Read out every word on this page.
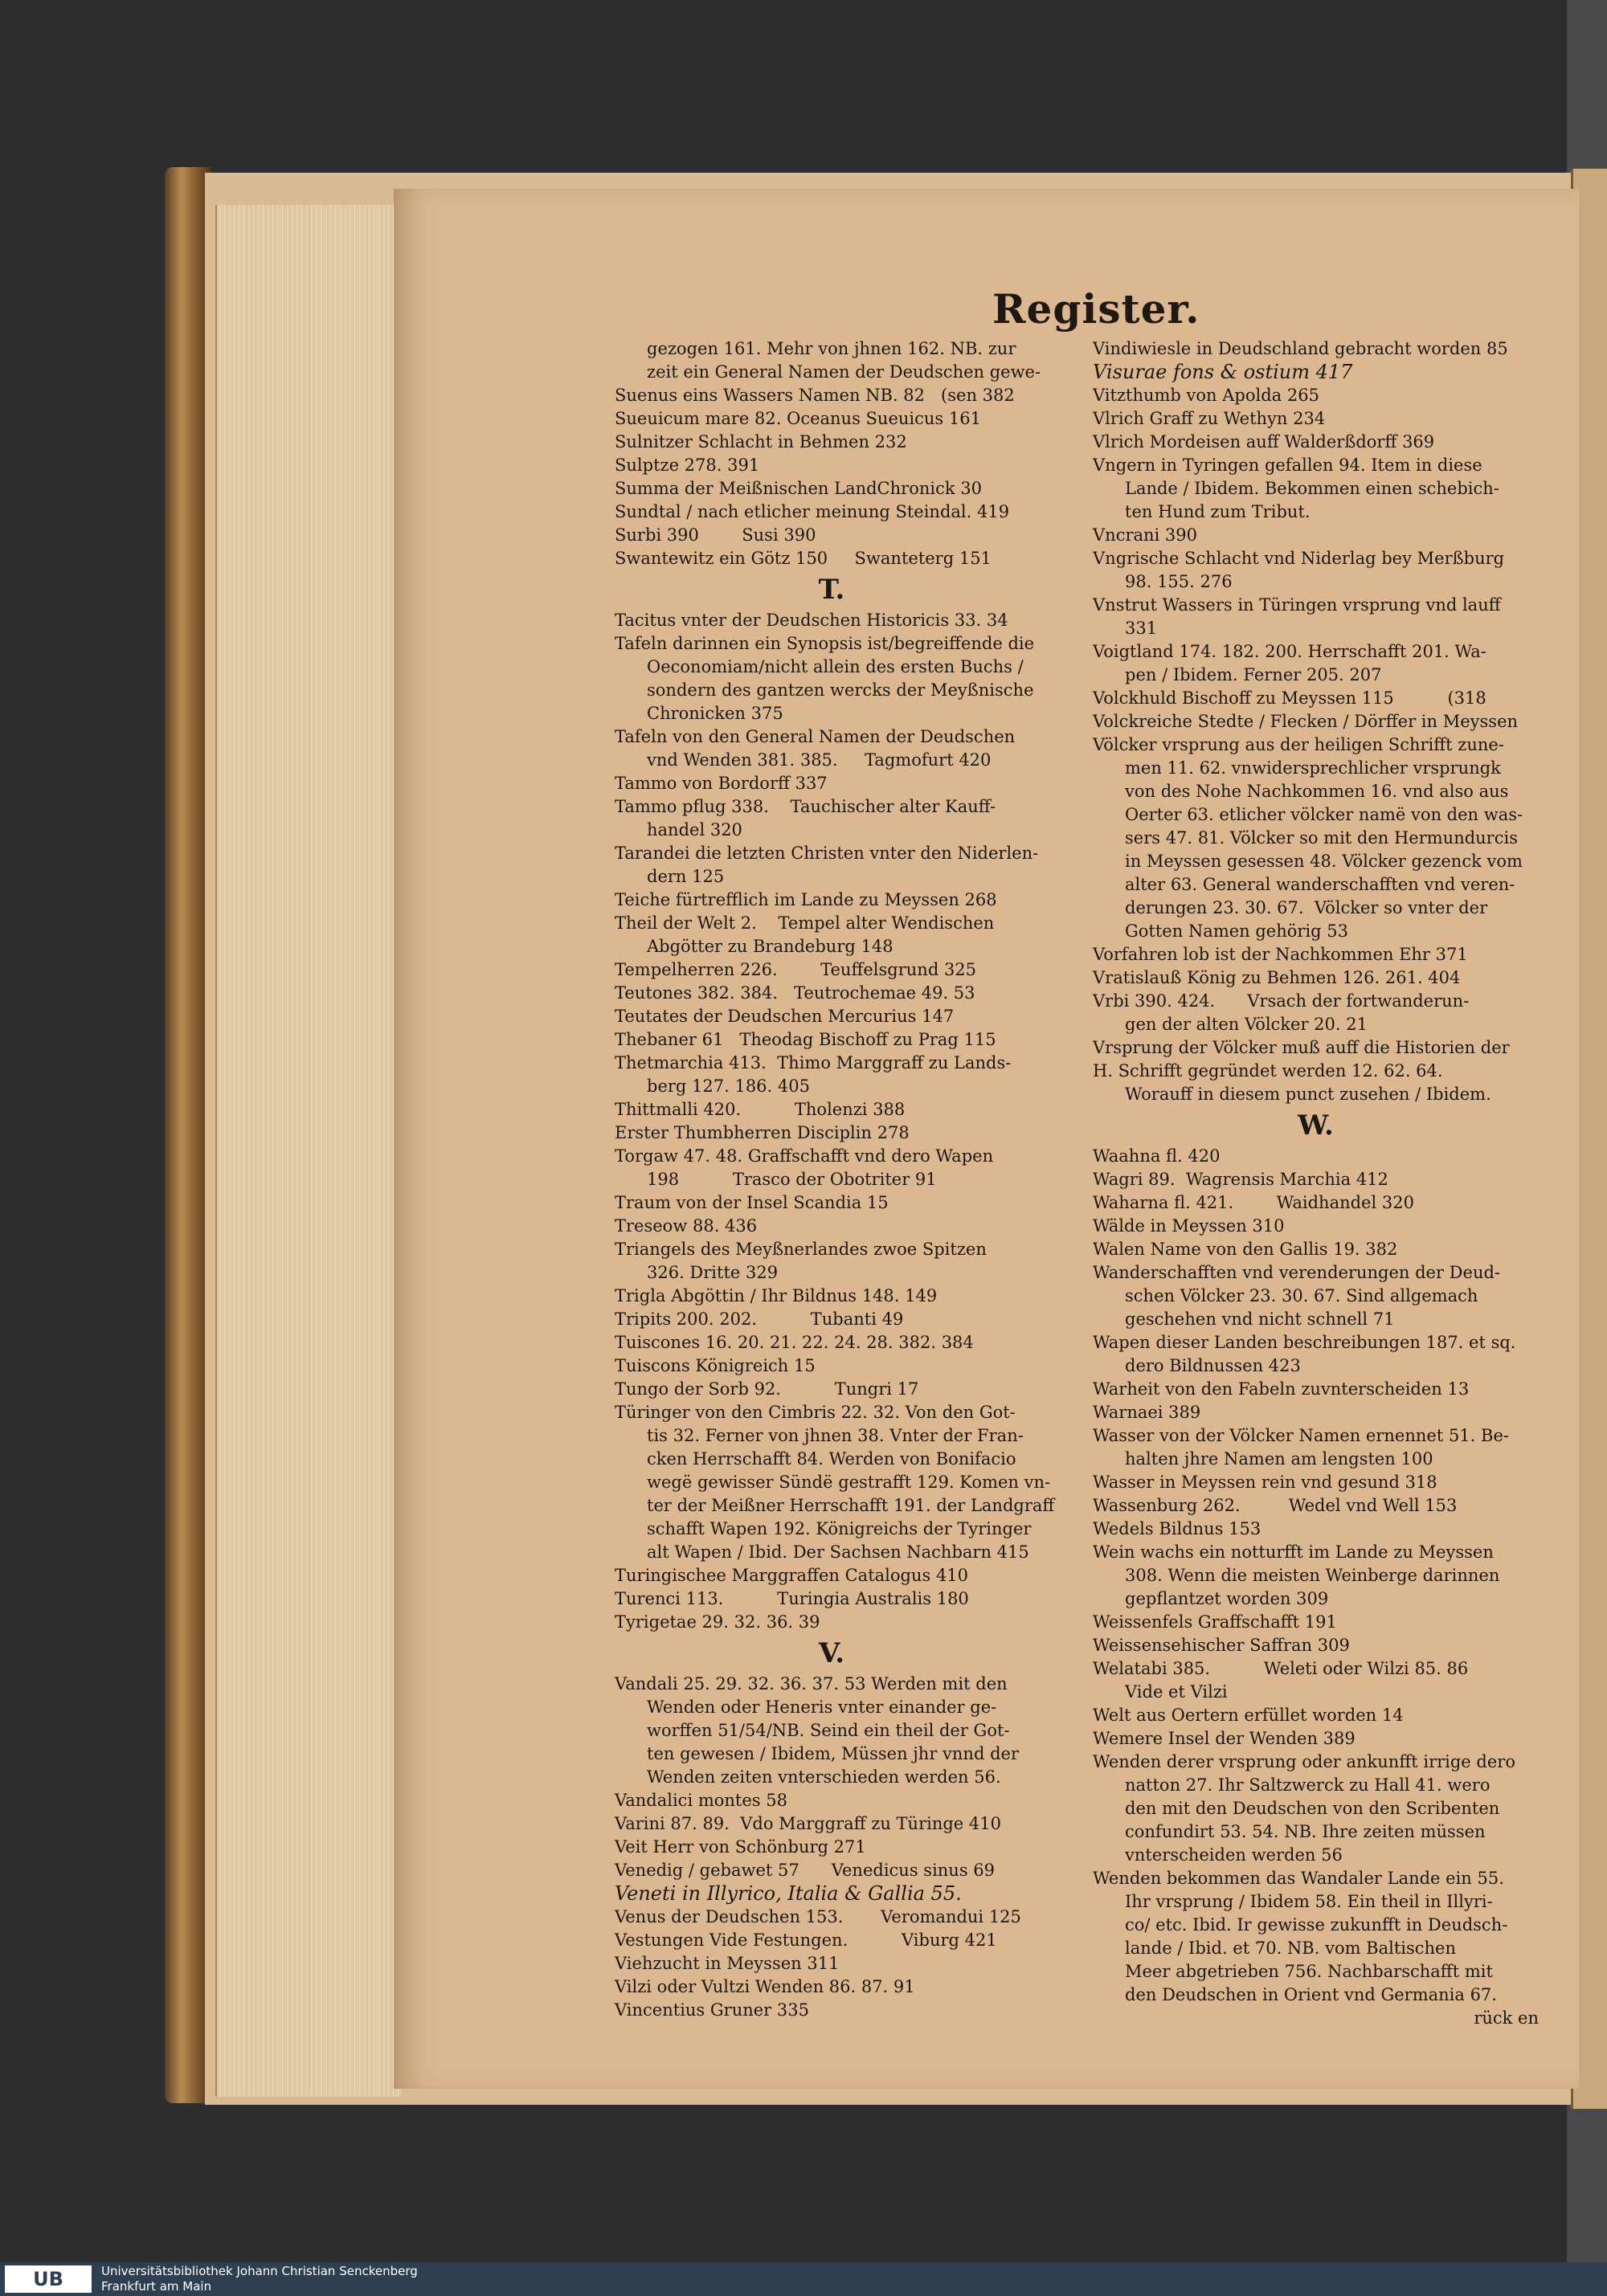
Register.
gezogen 161. Mehr von jhnen 162. NB. zur
zeit ein General Namen der Deudschen gewe-
Suenus eins Wassers Namen NB. 82   (sen 382
Sueuicum mare 82. Oceanus Sueuicus 161
Sulnitzer Schlacht in Behmen 232
Sulptze 278. 391
Summa der Meißnischen LandChronick 30
Sundtal / nach etlicher meinung Steindal. 419
Surbi 390        Susi 390
Swantewitz ein Götz 150     Swanteterg 151
T.
Tacitus vnter der Deudschen Historicis 33. 34
Tafeln darinnen ein Synopsis ist/begreiffende die
Oeconomiam/nicht allein des ersten Buchs /
sondern des gantzen wercks der Meyßnische
Chronicken 375
Tafeln von den General Namen der Deudschen
vnd Wenden 381. 385.     Tagmofurt 420
Tammo von Bordorff 337
Tammo pflug 338.    Tauchischer alter Kauff-
handel 320
Tarandei die letzten Christen vnter den Niderlen-
dern 125
Teiche fürtrefflich im Lande zu Meyssen 268
Theil der Welt 2.    Tempel alter Wendischen
Abgötter zu Brandeburg 148
Tempelherren 226.        Teuffelsgrund 325
Teutones 382. 384.   Teutrochemae 49. 53
Teutates der Deudschen Mercurius 147
Thebaner 61   Theodag Bischoff zu Prag 115
Thetmarchia 413.  Thimo Marggraff zu Lands-
berg 127. 186. 405
Thittmalli 420.          Tholenzi 388
Erster Thumbherren Disciplin 278
Torgaw 47. 48. Graffschafft vnd dero Wapen
198          Trasco der Obotriter 91
Traum von der Insel Scandia 15
Treseow 88. 436
Triangels des Meyßnerlandes zwoe Spitzen
326. Dritte 329
Trigla Abgöttin / Ihr Bildnus 148. 149
Tripits 200. 202.          Tubanti 49
Tuiscones 16. 20. 21. 22. 24. 28. 382. 384
Tuiscons Königreich 15
Tungo der Sorb 92.          Tungri 17
Türinger von den Cimbris 22. 32. Von den Got-
tis 32. Ferner von jhnen 38. Vnter der Fran-
cken Herrschafft 84. Werden von Bonifacio
wegë gewisser Sündë gestrafft 129. Komen vn-
ter der Meißner Herrschafft 191. der Landgraff
schafft Wapen 192. Königreichs der Tyringer
alt Wapen / Ibid. Der Sachsen Nachbarn 415
Turingischee Marggraffen Catalogus 410
Turenci 113.          Turingia Australis 180
Tyrigetae 29. 32. 36. 39
V.
Vandali 25. 29. 32. 36. 37. 53 Werden mit den
Wenden oder Heneris vnter einander ge-
worffen 51/54/NB. Seind ein theil der Got-
ten gewesen / Ibidem, Müssen jhr vnnd der
Wenden zeiten vnterschieden werden 56.
Vandalici montes 58
Varini 87. 89.  Vdo Marggraff zu Türinge 410
Veit Herr von Schönburg 271
Venedig / gebawet 57      Venedicus sinus 69
Veneti in Illyrico, Italia & Gallia 55.
Venus der Deudschen 153.       Veromandui 125
Vestungen Vide Festungen.          Viburg 421
Viehzucht in Meyssen 311
Vilzi oder Vultzi Wenden 86. 87. 91
Vincentius Gruner 335
Vindiwiesle in Deudschland gebracht worden 85
Visurae fons & ostium 417
Vitzthumb von Apolda 265
Vlrich Graff zu Wethyn 234
Vlrich Mordeisen auff Walderßdorff 369
Vngern in Tyringen gefallen 94. Item in diese
Lande / Ibidem. Bekommen einen schebich-
ten Hund zum Tribut.
Vncrani 390
Vngrische Schlacht vnd Niderlag bey Merßburg
98. 155. 276
Vnstrut Wassers in Türingen vrsprung vnd lauff
331
Voigtland 174. 182. 200. Herrschafft 201. Wa-
pen / Ibidem. Ferner 205. 207
Volckhuld Bischoff zu Meyssen 115          (318
Volckreiche Stedte / Flecken / Dörffer in Meyssen
Völcker vrsprung aus der heiligen Schrifft zune-
men 11. 62. vnwidersprechlicher vrsprungk
von des Nohe Nachkommen 16. vnd also aus
Oerter 63. etlicher völcker namë von den was-
sers 47. 81. Völcker so mit den Hermundurcis
in Meyssen gesessen 48. Völcker gezenck vom
alter 63. General wanderschafften vnd veren-
derungen 23. 30. 67.  Völcker so vnter der
Gotten Namen gehörig 53
Vorfahren lob ist der Nachkommen Ehr 371
Vratislauß König zu Behmen 126. 261. 404
Vrbi 390. 424.      Vrsach der fortwanderun-
gen der alten Völcker 20. 21
Vrsprung der Völcker muß auff die Historien der
H. Schrifft gegründet werden 12. 62. 64.
Worauff in diesem punct zusehen / Ibidem.
W.
Waahna fl. 420
Wagri 89.  Wagrensis Marchia 412
Waharna fl. 421.        Waidhandel 320
Wälde in Meyssen 310
Walen Name von den Gallis 19. 382
Wanderschafften vnd verenderungen der Deud-
schen Völcker 23. 30. 67. Sind allgemach
geschehen vnd nicht schnell 71
Wapen dieser Landen beschreibungen 187. et sq.
dero Bildnussen 423
Warheit von den Fabeln zuvnterscheiden 13
Warnaei 389
Wasser von der Völcker Namen ernennet 51. Be-
halten jhre Namen am lengsten 100
Wasser in Meyssen rein vnd gesund 318
Wassenburg 262.         Wedel vnd Well 153
Wedels Bildnus 153
Wein wachs ein notturfft im Lande zu Meyssen
308. Wenn die meisten Weinberge darinnen
gepflantzet worden 309
Weissenfels Graffschafft 191
Weissensehischer Saffran 309
Welatabi 385.          Weleti oder Wilzi 85. 86
Vide et Vilzi
Welt aus Oertern erfüllet worden 14
Wemere Insel der Wenden 389
Wenden derer vrsprung oder ankunfft irrige dero
natton 27. Ihr Saltzwerck zu Hall 41. wero
den mit den Deudschen von den Scribenten
confundirt 53. 54. NB. Ihre zeiten müssen
vnterscheiden werden 56
Wenden bekommen das Wandaler Lande ein 55.
Ihr vrsprung / Ibidem 58. Ein theil in Illyri-
co/ etc. Ibid. Ir gewisse zukunfft in Deudsch-
lande / Ibid. et 70. NB. vom Baltischen
Meer abgetrieben 756. Nachbarschafft mit
den Deudschen in Orient vnd Germania 67.
rück en
UB	Universitätsbibliothek Johann Christian Senckenberg
Frankfurt am Main
